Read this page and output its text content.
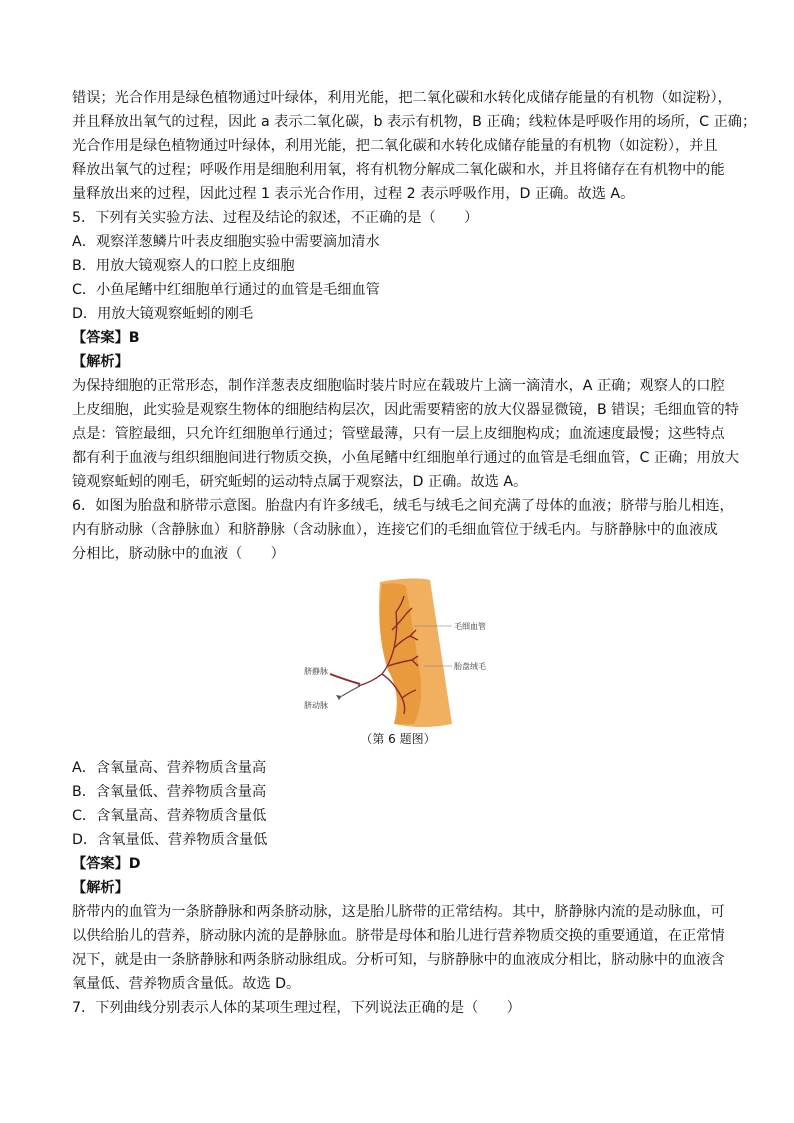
错误；光合作用是绿色植物通过叶绿体，利用光能，把二氧化碳和水转化成储存能量的有机物（如淀粉），
并且释放出氧气的过程，因此 a 表示二氧化碳，b 表示有机物，B 正确；线粒体是呼吸作用的场所，C 正确；
光合作用是绿色植物通过叶绿体，利用光能，把二氧化碳和水转化成储存能量的有机物（如淀粉），并且
释放出氧气的过程；呼吸作用是细胞利用氧，将有机物分解成二氧化碳和水，并且将储存在有机物中的能
量释放出来的过程，因此过程 1 表示光合作用，过程 2 表示呼吸作用，D 正确。故选 A。
5．下列有关实验方法、过程及结论的叙述，不正确的是（　　）
A．观察洋葱鳞片叶表皮细胞实验中需要滴加清水
B．用放大镜观察人的口腔上皮细胞
C．小鱼尾鳍中红细胞单行通过的血管是毛细血管
D．用放大镜观察蚯蚓的刚毛
【答案】B
【解析】
为保持细胞的正常形态，制作洋葱表皮细胞临时装片时应在载玻片上滴一滴清水，A 正确；观察人的口腔
上皮细胞，此实验是观察生物体的细胞结构层次，因此需要精密的放大仪器显微镜，B 错误；毛细血管的特
点是：管腔最细，只允许红细胞单行通过；管壁最薄，只有一层上皮细胞构成；血流速度最慢；这些特点
都有利于血液与组织细胞间进行物质交换，小鱼尾鳍中红细胞单行通过的血管是毛细血管，C 正确；用放大
镜观察蚯蚓的刚毛，研究蚯蚓的运动特点属于观察法，D 正确。故选 A。
6．如图为胎盘和脐带示意图。胎盘内有许多绒毛，绒毛与绒毛之间充满了母体的血液；脐带与胎儿相连，
内有脐动脉（含静脉血）和脐静脉（含动脉血），连接它们的毛细血管位于绒毛内。与脐静脉中的血液成
分相比，脐动脉中的血液（　　）
毛细血管
胎盘绒毛
脐静脉
脐动脉
（第 6 题图）
A．含氧量高、营养物质含量高
B．含氧量低、营养物质含量高
C．含氧量高、营养物质含量低
D．含氧量低、营养物质含量低
【答案】D
【解析】
脐带内的血管为一条脐静脉和两条脐动脉，这是胎儿脐带的正常结构。其中，脐静脉内流的是动脉血，可
以供给胎儿的营养，脐动脉内流的是静脉血。脐带是母体和胎儿进行营养物质交换的重要通道，在正常情
况下，就是由一条脐静脉和两条脐动脉组成。分析可知，与脐静脉中的血液成分相比，脐动脉中的血液含
氧量低、营养物质含量低。故选 D。
7．下列曲线分别表示人体的某项生理过程，下列说法正确的是（　　）
